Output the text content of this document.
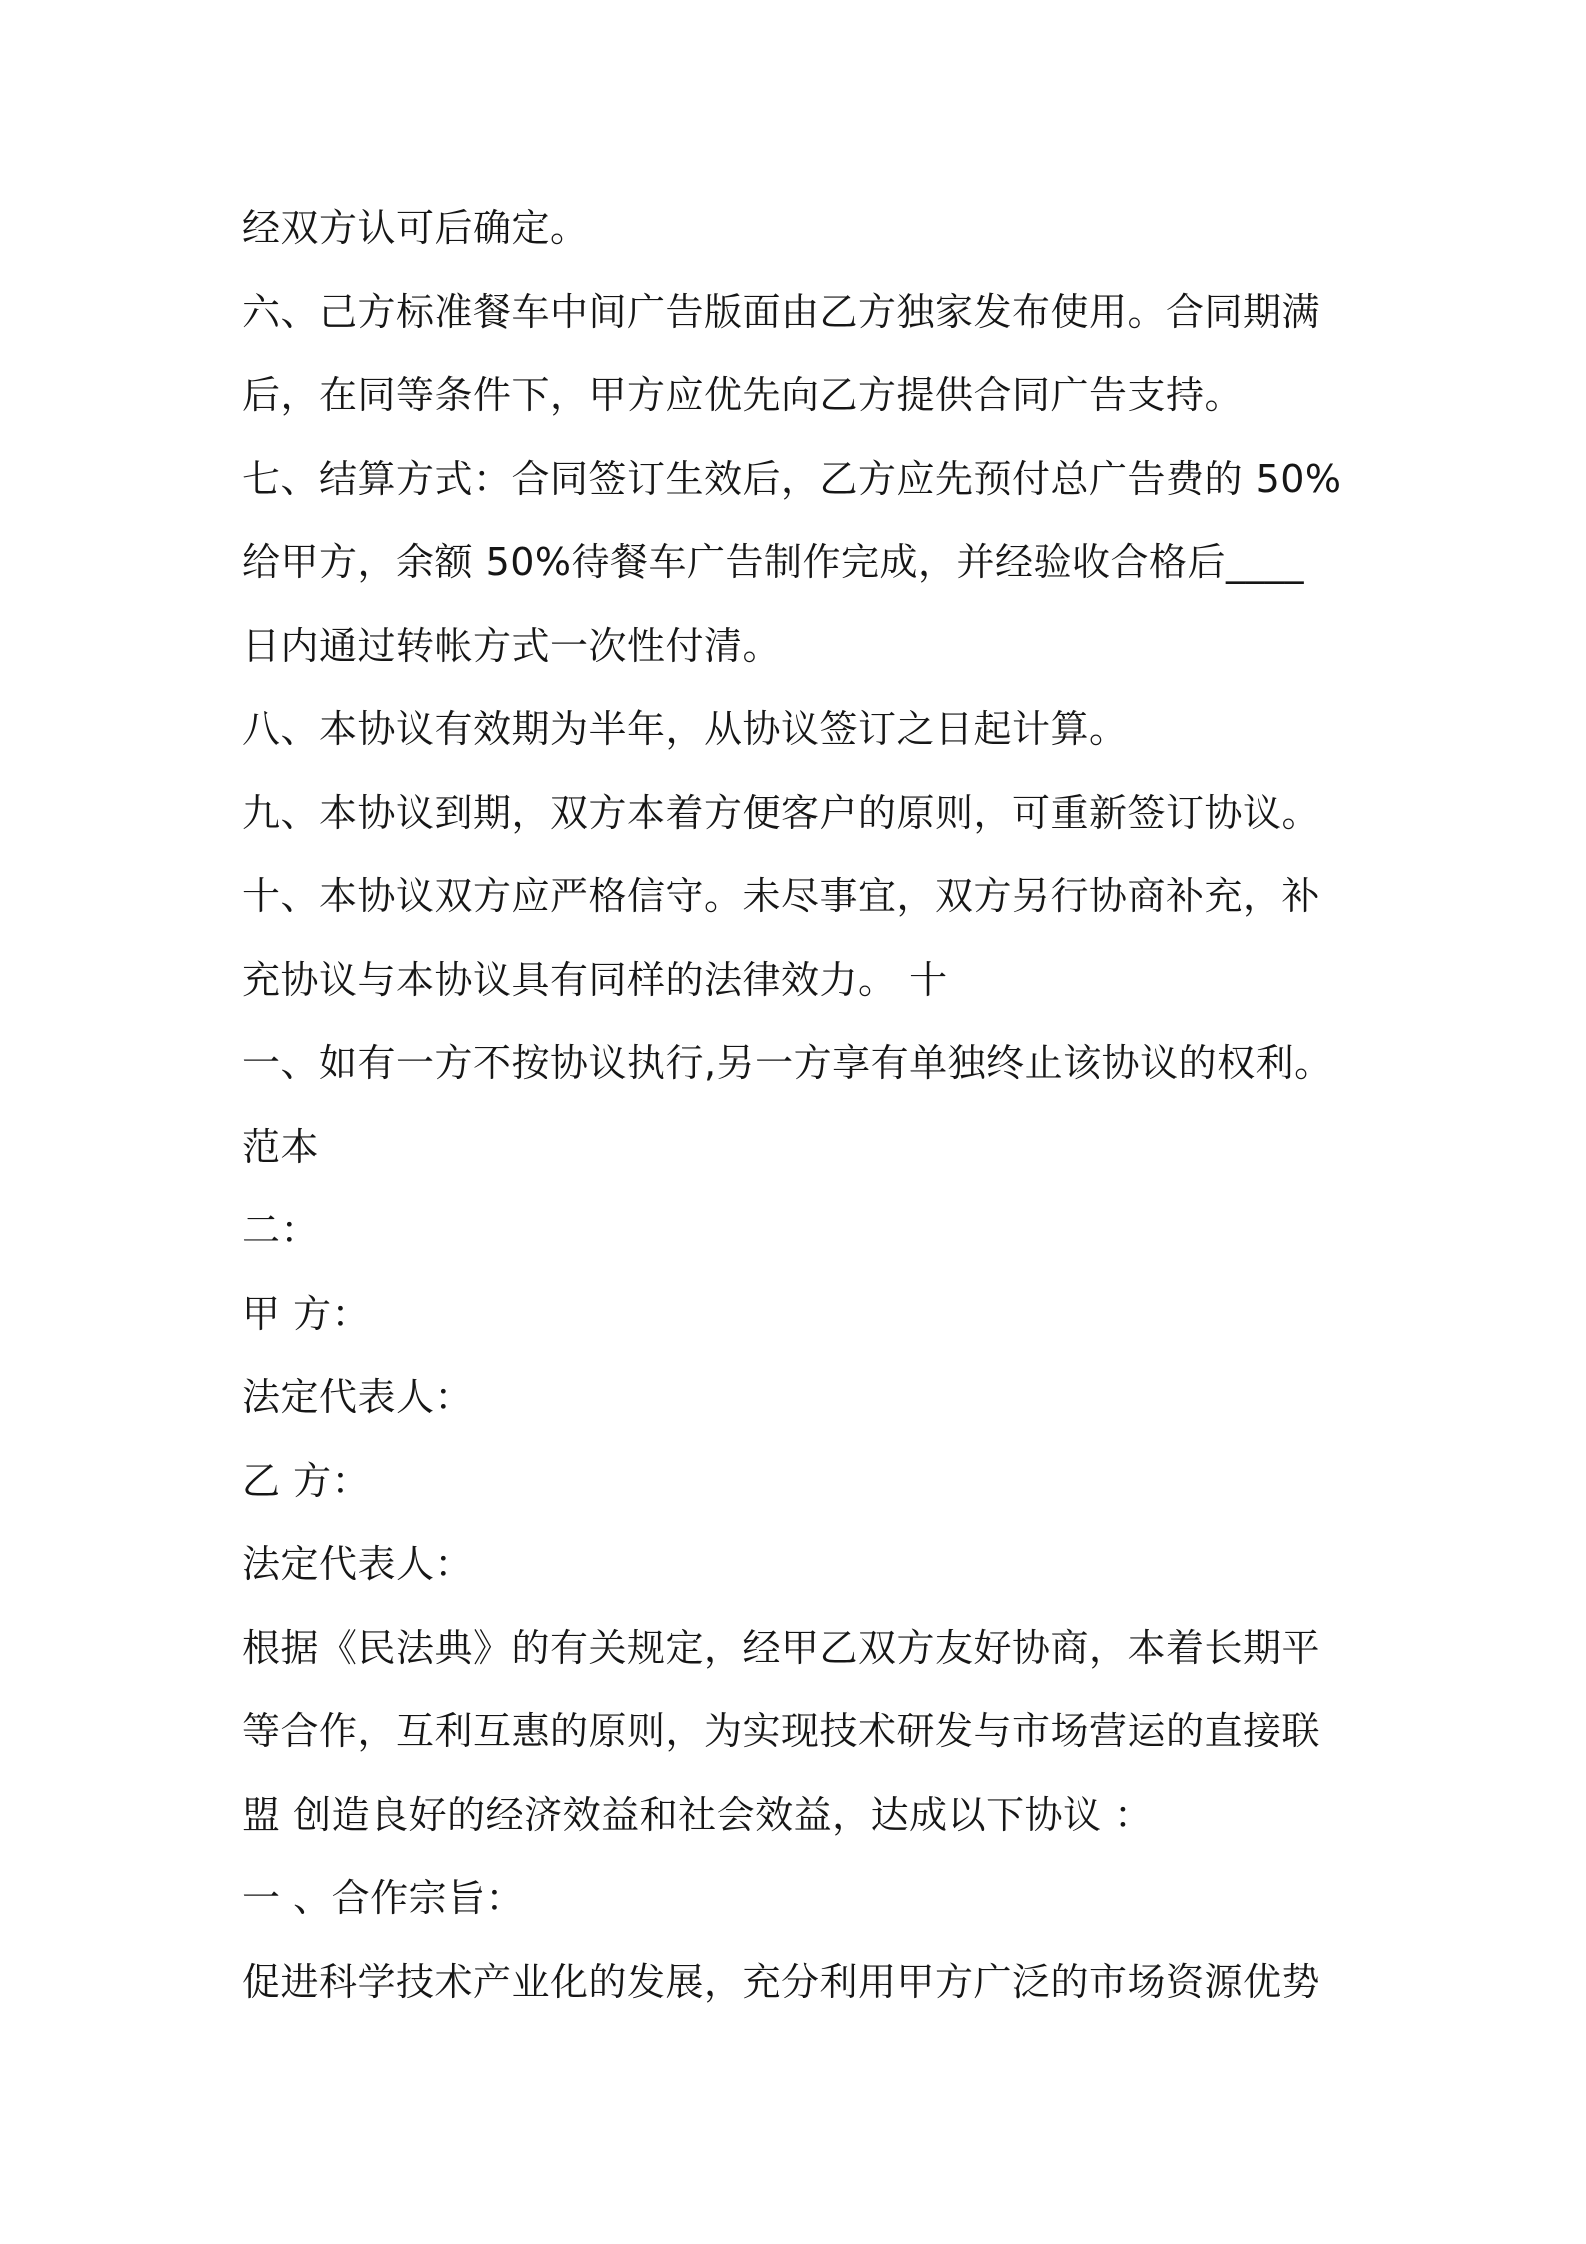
经双方认可后确定。
六、己方标准餐车中间广告版面由乙方独家发布使用。合同期满
后，在同等条件下，甲方应优先向乙方提供合同广告支持。
七、结算方式：合同签订生效后，乙方应先预付总广告费的 50%
给甲方，余额 50%待餐车广告制作完成，并经验收合格后____
日内通过转帐方式一次性付清。
八、本协议有效期为半年，从协议签订之日起计算。
九、本协议到期，双方本着方便客户的原则，可重新签订协议。
十、本协议双方应严格信守。未尽事宜，双方另行协商补充，补
充协议与本协议具有同样的法律效力。 十
一、如有一方不按协议执行,另一方享有单独终止该协议的权利。
范本
二：
甲 方：
法定代表人：
乙 方：
法定代表人：
根据《民法典》的有关规定，经甲乙双方友好协商，本着长期平
等合作，互利互惠的原则，为实现技术研发与市场营运的直接联
盟 创造良好的经济效益和社会效益，达成以下协议 ：
一 、合作宗旨：
促进科学技术产业化的发展，充分利用甲方广泛的市场资源优势
